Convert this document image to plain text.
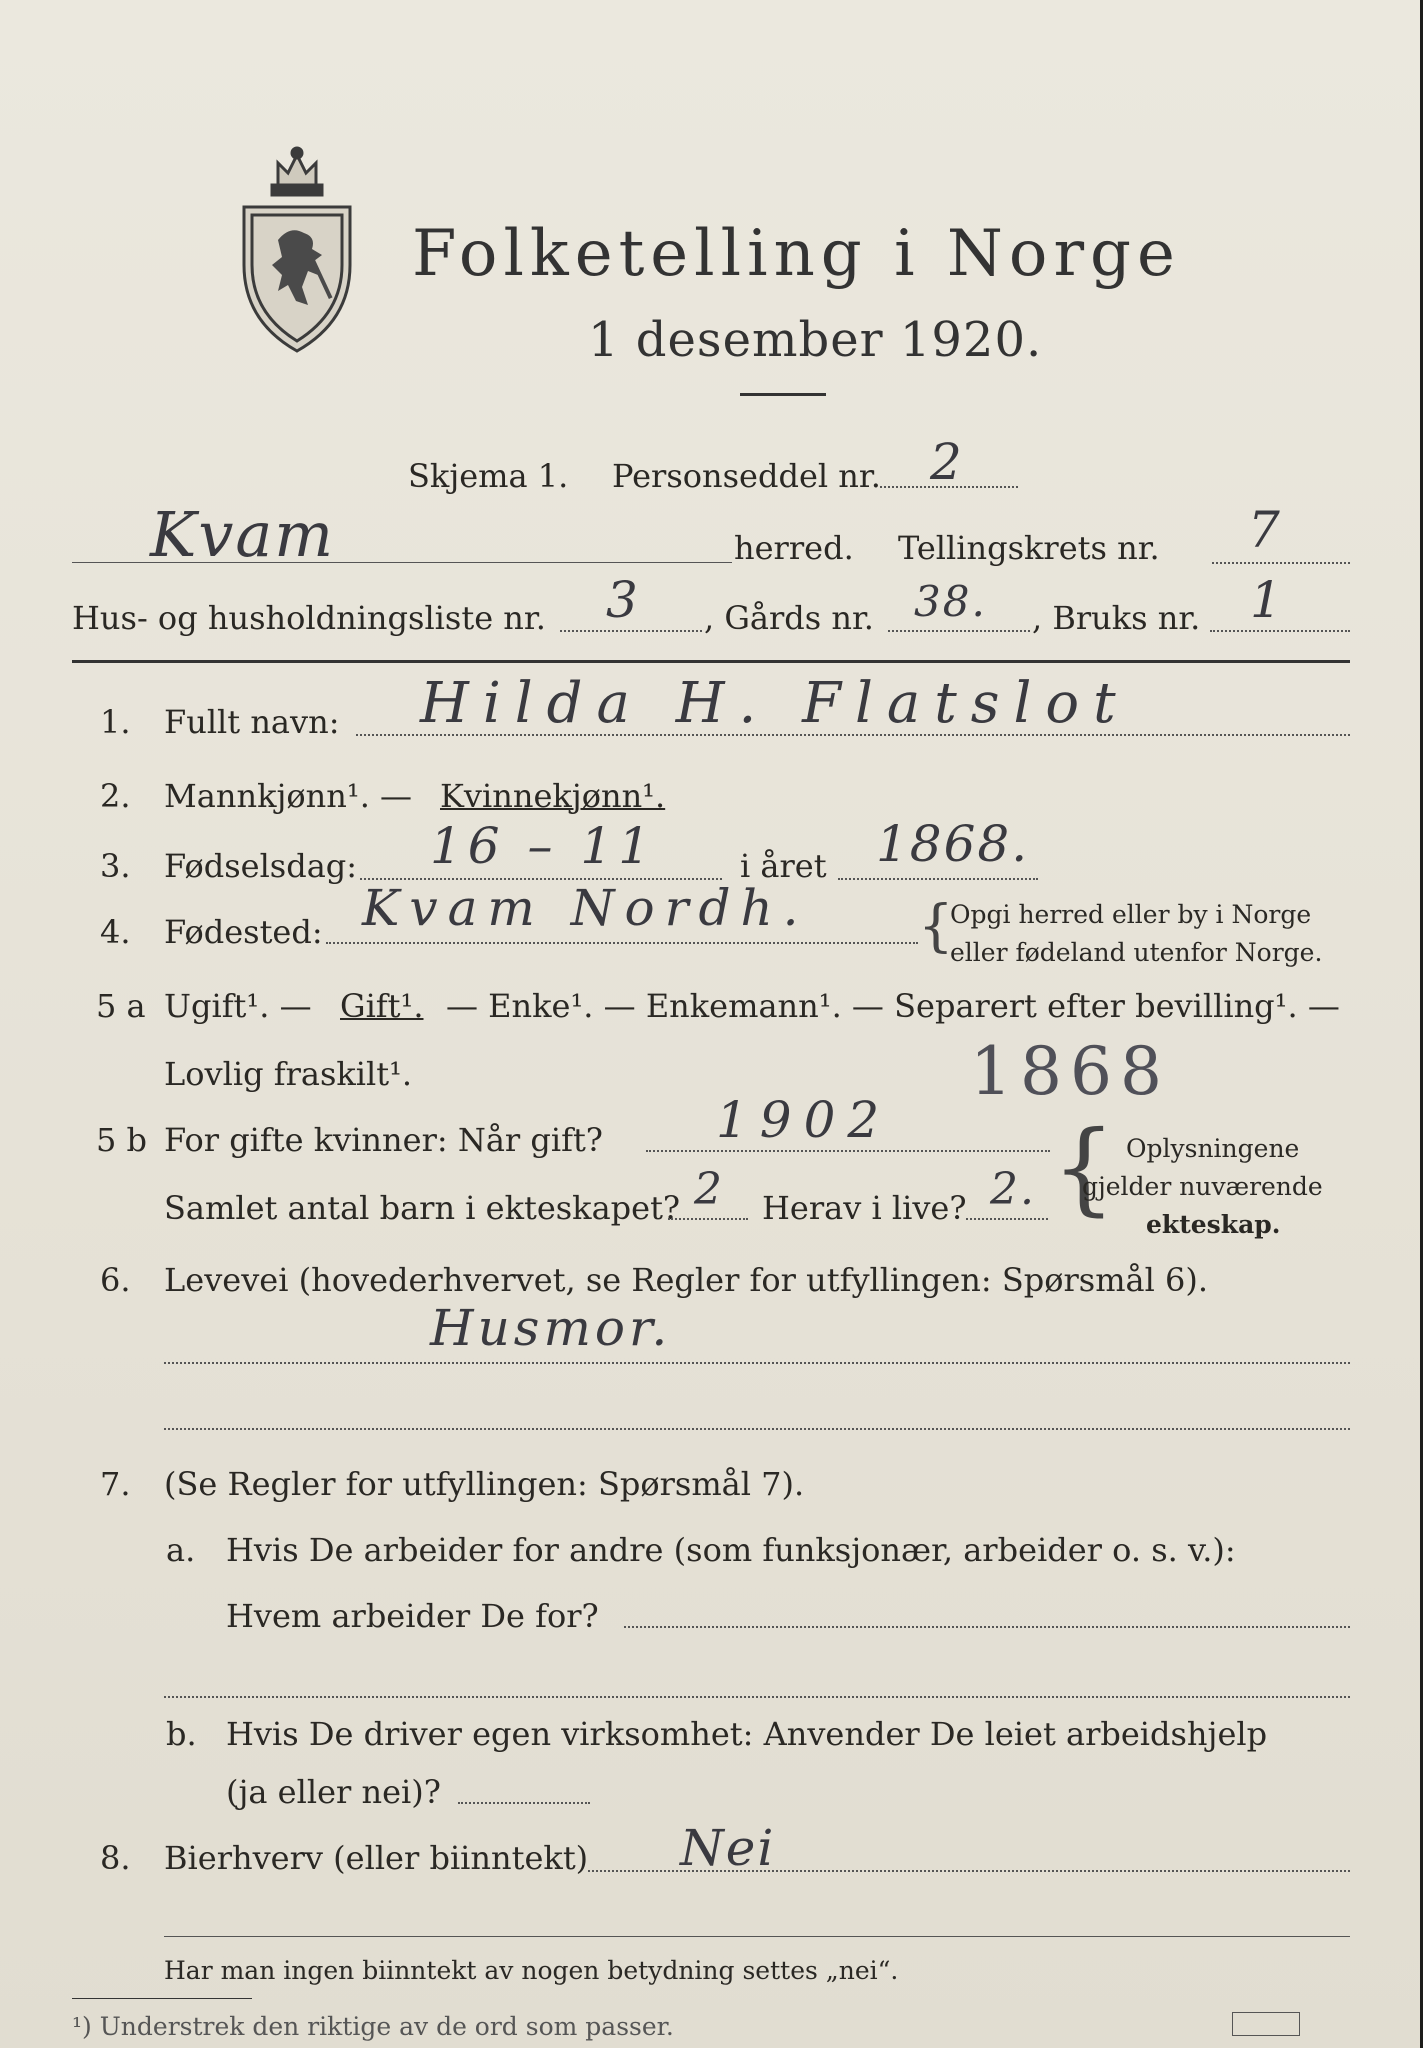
Folketelling i Norge
1 desember 1920.
Skjema 1. Personseddel nr. 2
Kvam	herred. Tellingskrets nr. 7
Hus- og husholdningsliste nr. 3 , Gårds nr. 38. , Bruks nr. 1
1. Fullt navn: Hilda H. Flatslot
2. Mannkjønn¹. — Kvinnekjønn¹.
3. Fødselsdag: 16 – 11	i året 1868.
4. Fødested: Kvam Nordh. {
Opgi herred eller by i Norge
eller fødeland utenfor Norge.
5 a Ugift¹. — Gift¹. — Enke¹. — Enkemann¹. — Separert efter bevilling¹. —
Lovlig fraskilt¹.	1868
5 b For gifte kvinner: Når gift? 1902
Samlet antal barn i ekteskapet? 2 Herav i live? 2. { Oplysningene
gjelder nuværende
ekteskap.
6. Levevei (hovederhvervet, se Regler for utfyllingen: Spørsmål 6).
Husmor.
7. (Se Regler for utfyllingen: Spørsmål 7).
a. Hvis De arbeider for andre (som funksjonær, arbeider o. s. v.):
Hvem arbeider De for?
b. Hvis De driver egen virksomhet: Anvender De leiet arbeidshjelp
(ja eller nei)?
8. Bierhverv (eller biinntekt) Nei
Har man ingen biinntekt av nogen betydning settes „nei“.
¹) Understrek den riktige av de ord som passer.
